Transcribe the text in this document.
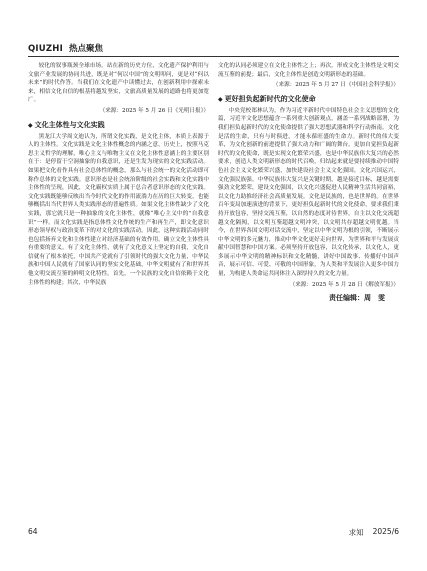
QIUZHI 热点聚焦

较化的叙事瓶颈全球市场。站在新的历史方位，文化遗产保护利用与文旅产业发展的协同共进，既是对“何以中国”的文明叩问，更是对“何以未来”的时代作答。当我们在文化遗产中读懂过去，在创新利用中探索未来，相信文化自信的根基将越发坚实，文旅高质量发展的道路也将更加宽广。

（来源：2025 年 5 月 26 日《光明日报》）
◆ 文化主体性与文化实践

黑龙江大学周文迪认为，所谓文化实践，是文化主体，本质上表源于人的主体性。文化实践是文化主体性概念的内涵之意。历史上，按照马克思主义哲学的理解，唯心主义与唯物主义在文化主体性意涵上的主要区别在于：是停留于空洞抽象的自我意识，还是生发为现实的文化实践活动。如果把文化看作具有社会总体性的概念，那么与社会统一的文化活动即可称作总体的文化实践。意识形态是社会统治阶级的社会实践和文化实践中主体性的呈现，因此，文化霸权实质上属于总合者意识形态的文化实践。文化实践既能够反映出当今时代文化的作用流淌力在历的巨大转变，也能够概括出当代世界人类实践形态的普遍性质。如果文化主体性缺少了文化实践，那它就只是一种抽象的文化主体性，就像“唯心主义中的”自我意识”一样。而文化实践是指总体性文化作统的生产和再生产，即文化意识形态领导权与政治变革下的对文化的实践活动，因此，这种实践活动同时也包括扬弃文化和主体性建立对经济基础的有效作用。确立文化主体性具有重要的意义。有了文化主体性，就有了文化意义上坚定的自我，文化自信就有了根本依托，中国共产党就有了引领时代的强大文化力量，中华民族和中国人民就有了国家认同的坚实文化基础，中华文明就有了和世界其他文明交流互鉴的鲜明文化特性。首先，一个民族的文化自信依赖于文化主体性的构建；其次，中华民族

文化的认同必须建立在文化主体性之上；再次，形成文化主体性是文明交流互鉴的前提；最后，文化主体性是创造文明新形态的基础。

（来源：2025 年 5 月 27 日《中国社会科学报》）
◆ 更好担负起新时代的文化使命

中央党校郑林认为，作为习近平新时代中国特色社会主义思想的文化篇，习近平文化思想蕴含一系列重大创新观点，涵盖一系列战略部署，为我们担负起新时代的文化使命提供了强大思想武器和科学行动指南。文化是活的生命，只有与时俱进，才能永葆旺盛的生命力。新时代的伟大变革，为文化创新的前进提供了强大动力和广阔的舞台。更加自觉担负起新时代的文化使命，既是实现文化繁荣兴盛，也是中华民族伟大复兴的必然要求，创造人类文明新形态的时代召唤，归结起来就是要持续推动中国特色社会主义文化繁荣兴盛，加快建设社会主义文化强国。文化兴国运兴，文化强民族强。中华民族伟大复兴是关键时期，越是接近目标，越是需要强劲文化繁荣，建设文化强国，以文化兴盛促进人民精神生活共同富裕，以文化力助推经济社会高质量发展。文化是民族的，也是世界的。在世界百年变局加速演进的背景下，更好担负起新时代的文化使命，要求我们秉持开放包容，坚持交流互鉴，以自然的态度对待世界，自主以文化交流超越文化隔阂，以文明互鉴超越文明冲突，以文明共存超越文明优越。当今，在世界各国文明对话交流中，坚定以中华文明为根的引领，不断展示中华文明的多元魅力，推动中华文化更好走向世界，为世界和平与发展贡献中国智慧和中国方案。必须坚持开放包容，以文化传承，以文化人，更多展示中华文明的精神标识和文化精髓，讲好中国故事、传播好中国声音，展示可信、可爱、可敬的中国形象，为人类和平发展注入更多中国力量，为构建人类命运共同体注入深厚持久的文化力量。

（来源：2025 年 5 月 28 日《解放军报》）
责任编辑：周　雯
64	求知 2025/6
